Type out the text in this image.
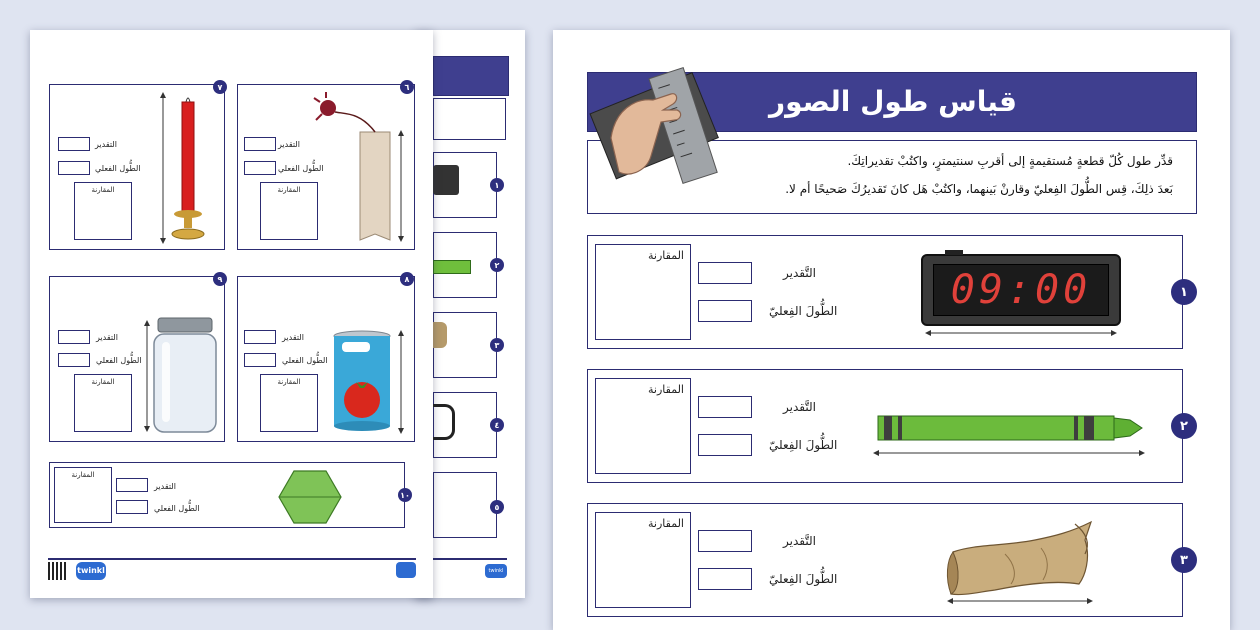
١
٢
٣
٤
٥
twinkl
٦
التقدير
الطُّول الفعلي
المقارنة
٧
التقدير
الطُّول الفعلي
المقارنة
٨
التقدير
الطُّول الفعلي
المقارنة
٩
التقدير
الطُّول الفعلي
المقارنة
١٠
المقارنة
التقدير
الطُّول الفعلي
twinkl
قياس طول الصور
قدِّر طول كُلّ قطعةٍ مُستقيمةٍ إلى أقربِ سنتيمترٍ، واكتُبْ تقديراتِكَ.
بَعدَ ذلِكَ، قِس الطُّولَ الفِعليّ وقارنْ بَينهما، واكتُبْ هَل كانَ تَقديرُكَ صَحيحًا أم لا.
١
المقارنة
التَّقدير
الطُّولَ الفِعليّ	09:00
٢
المقارنة
التَّقدير
الطُّولَ الفِعليّ
٣
المقارنة
التَّقدير
الطُّولَ الفِعليّ
